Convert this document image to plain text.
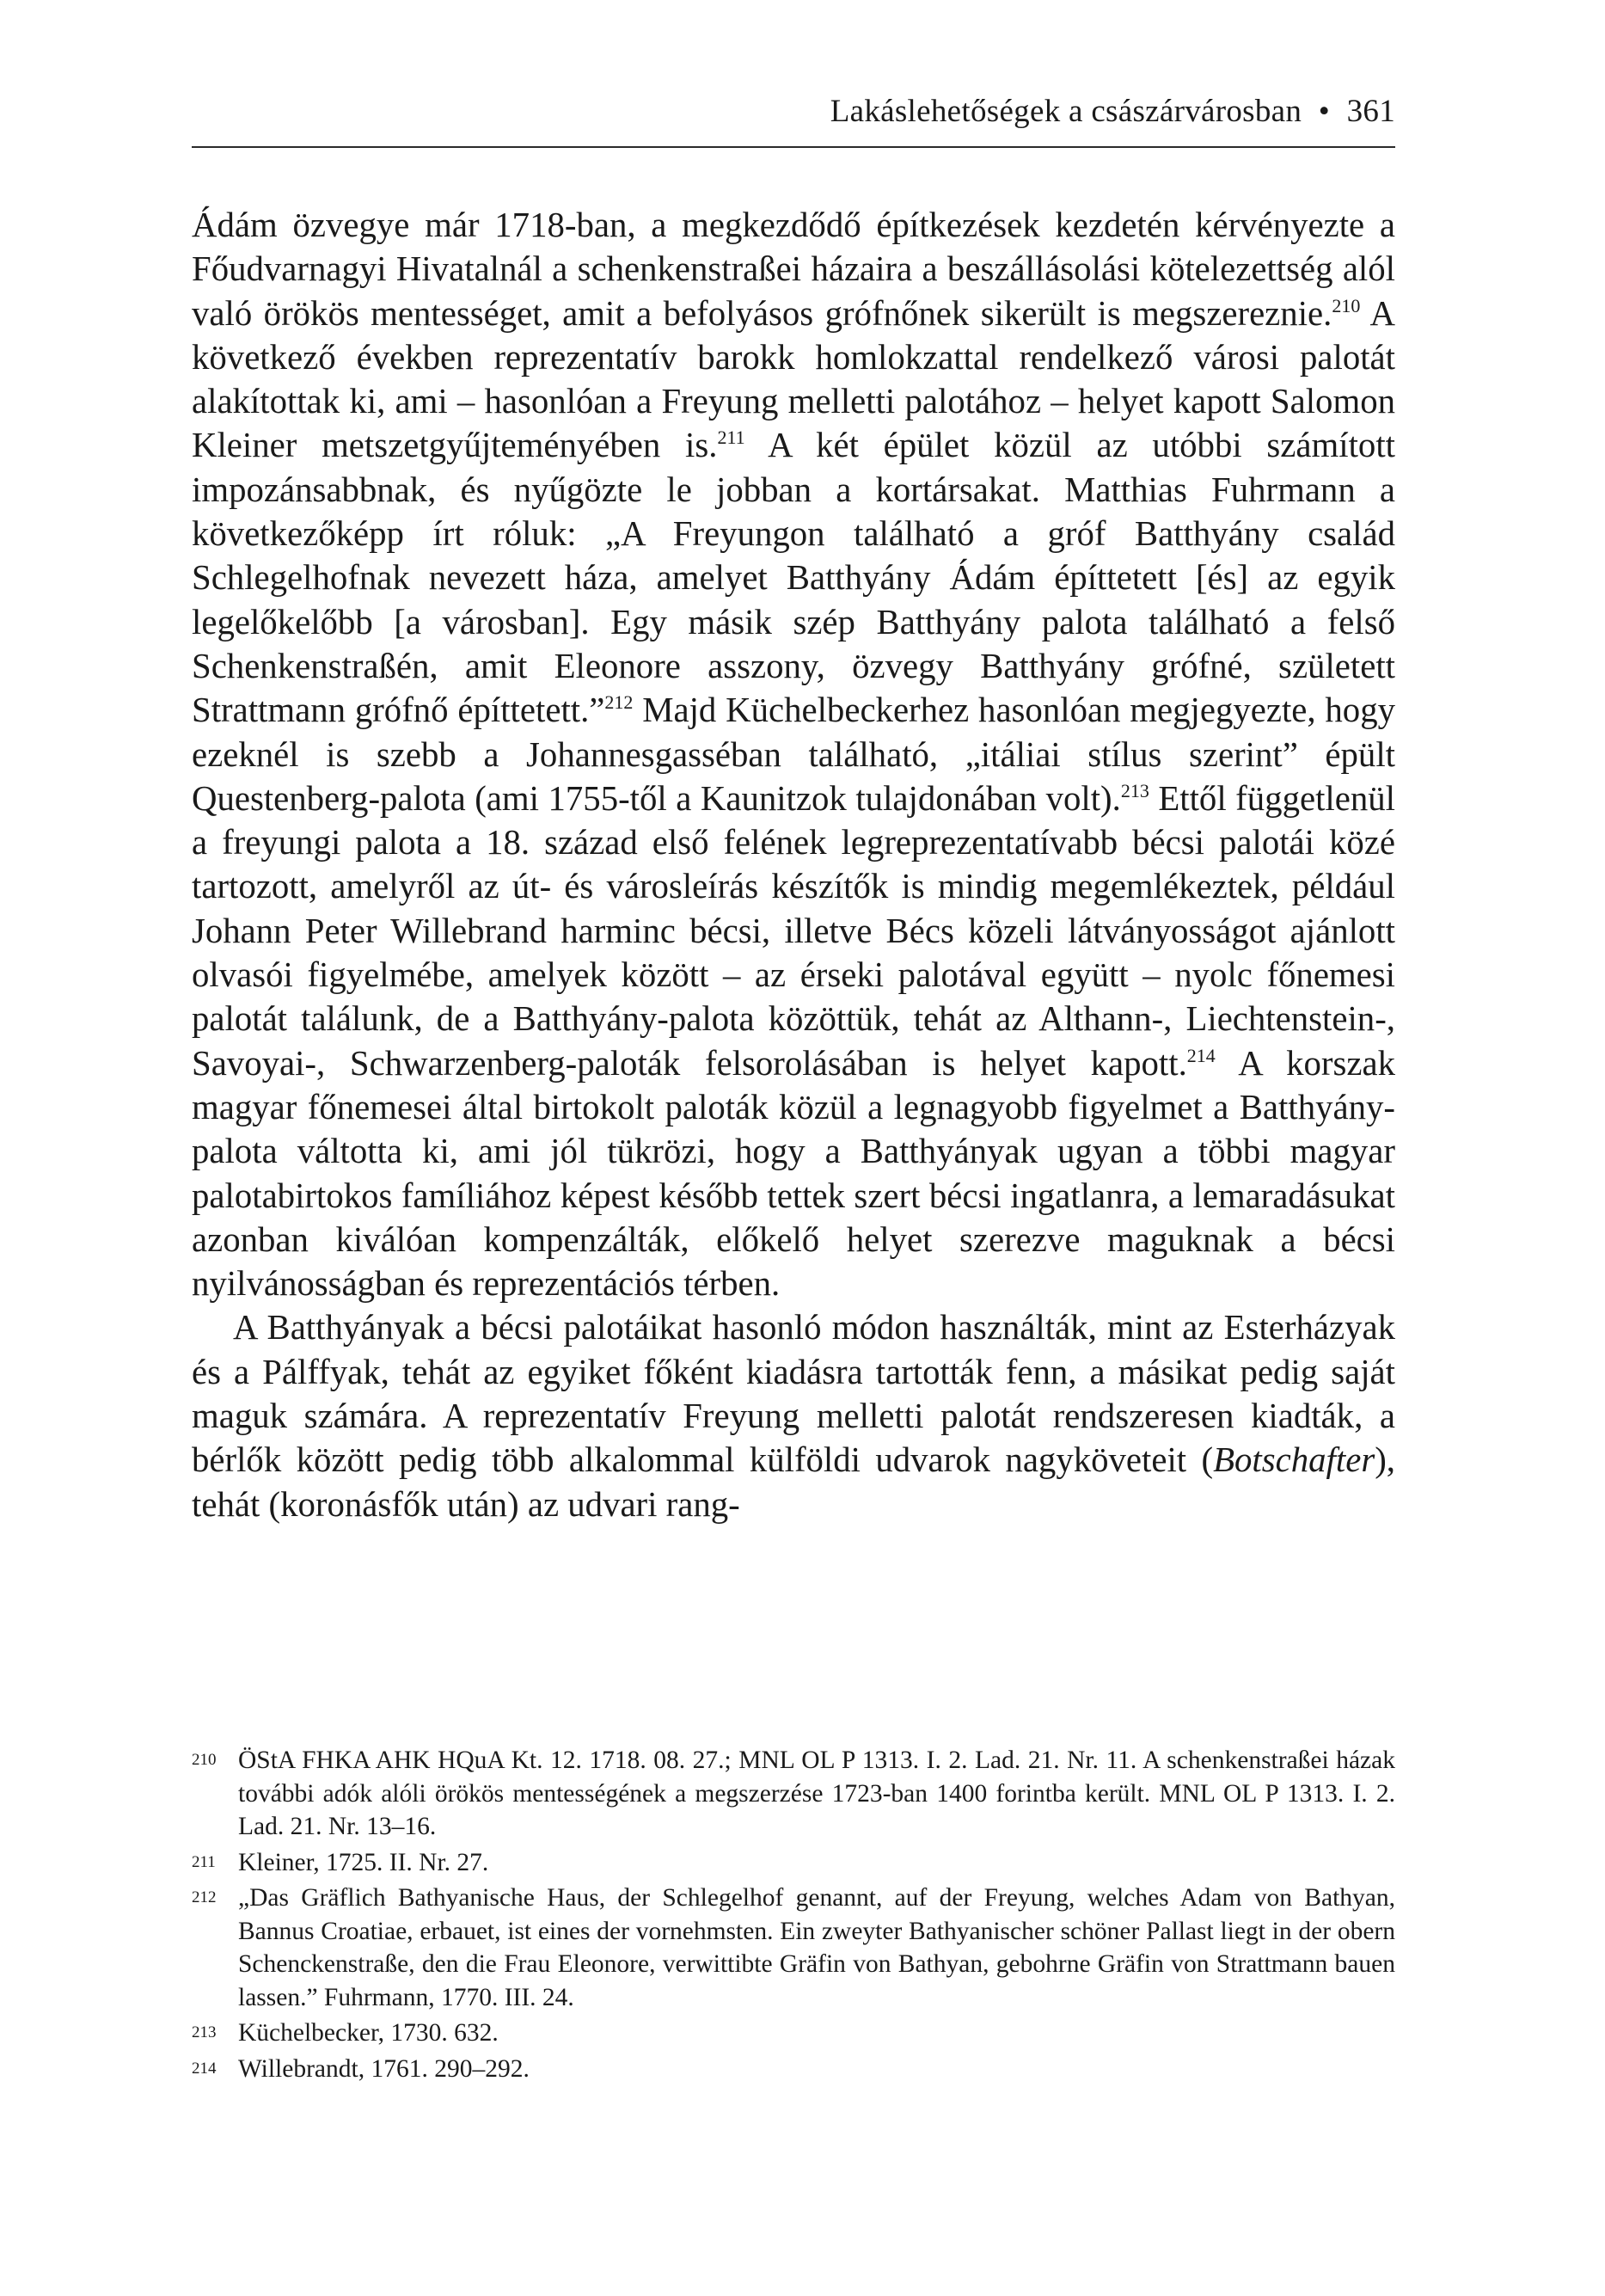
Lakáslehetőségek a császárvárosban • 361

Ádám özvegye már 1718-ban, a megkezdődő építkezések kezdetén kérvényezte a Főudvarnagyi Hivatalnál a schenkenstraßei házaira a beszállásolási kötelezettség alól való örökös mentességet, amit a befolyásos grófnőnek sikerült is megszereznie.$^{210}$ A következő években reprezentatív barokk homlokzattal rendelkező városi palotát alakítottak ki, ami – hasonlóan a Freyung melletti palotához – helyet kapott Salomon Kleiner metszetgyűjteményében is.$^{211}$ A két épület közül az utóbbi számított impozánsabbnak, és nyűgözte le jobban a kortársakat. Matthias Fuhrmann a következőképp írt róluk: „A Freyungon található a gróf Batthyány család Schlegelhofnak nevezett háza, amelyet Batthyány Ádám építtetett [és] az egyik legelőkelőbb [a városban]. Egy másik szép Batthyány palota található a felső Schenkenstraßén, amit Eleonore asszony, özvegy Batthyány grófné, született Strattmann grófnő építtetett.”$^{212}$ Majd Küchelbeckerhez hasonlóan megjegyezte, hogy ezeknél is szebb a Johannesgasséban található, „itáliai stílus szerint” épült Questenberg-palota (ami 1755-től a Kaunitzok tulajdonában volt).$^{213}$ Ettől függetlenül a freyungi palota a 18. század első felének legreprezentatívabb bécsi palotái közé tartozott, amelyről az út- és városleírás készítők is mindig megemlékeztek, például Johann Peter Willebrand harminc bécsi, illetve Bécs közeli látványosságot ajánlott olvasói figyelmébe, amelyek között – az érseki palotával együtt – nyolc főnemesi palotát találunk, de a Batthyány-palota közöttük, tehát az Althann-, Liechtenstein-, Savoyai-, Schwarzenberg-paloták felsorolásában is helyet kapott.$^{214}$ A korszak magyar főnemesei által birtokolt paloták közül a legnagyobb figyelmet a Batthyány-palota váltotta ki, ami jól tükrözi, hogy a Batthyányak ugyan a többi magyar palotabirtokos famíliához képest később tettek szert bécsi ingatlanra, a lemaradásukat azonban kiválóan kompenzálták, előkelő helyet szerezve maguknak a bécsi nyilvánosságban és reprezentációs térben.

A Batthyányak a bécsi palotáikat hasonló módon használták, mint az Esterházyak és a Pálffyak, tehát az egyiket főként kiadásra tartották fenn, a másikat pedig saját maguk számára. A reprezentatív Freyung melletti palotát rendszeresen kiadták, a bérlők között pedig több alkalommal külföldi udvarok nagyköveteit (Botschafter), tehát (koronásfők után) az udvari rang-

210 ÖStA FHKA AHK HQuA Kt. 12. 1718. 08. 27.; MNL OL P 1313. I. 2. Lad. 21. Nr. 11. A schenkenstraßei házak további adók alóli örökös mentességének a megszerzése 1723-ban 1400 forintba került. MNL OL P 1313. I. 2. Lad. 21. Nr. 13–16.
211 Kleiner, 1725. II. Nr. 27.
212 „Das Gräflich Bathyanische Haus, der Schlegelhof genannt, auf der Freyung, welches Adam von Bathyan, Bannus Croatiae, erbauet, ist eines der vornehmsten. Ein zweyter Bathyanischer schöner Pallast liegt in der obern Schenckenstraße, den die Frau Eleonore, verwittibte Gräfin von Bathyan, gebohrne Gräfin von Strattmann bauen lassen.” Fuhrmann, 1770. III. 24.
213 Küchelbecker, 1730. 632.
214 Willebrandt, 1761. 290–292.
